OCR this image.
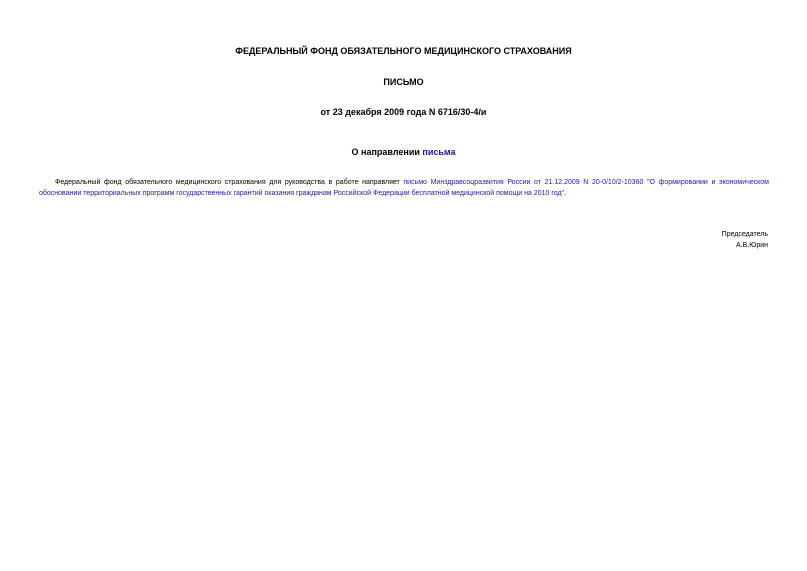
ФЕДЕРАЛЬНЫЙ ФОНД ОБЯЗАТЕЛЬНОГО МЕДИЦИНСКОГО СТРАХОВАНИЯ
ПИСЬМО
от 23 декабря 2009 года N 6716/30-4/и
О направлении письма
Федеральный фонд обязательного медицинского страхования для руководства в работе направляет письмо Минздравсоцразвития России от 21.12.2009 N 20-0/10/2-10360 "О формировании и экономическом обосновании территориальных программ государственных гарантий оказания гражданам Российской Федерации бесплатной медицинской помощи на 2010 год".
Председатель
А.В.Юрин
